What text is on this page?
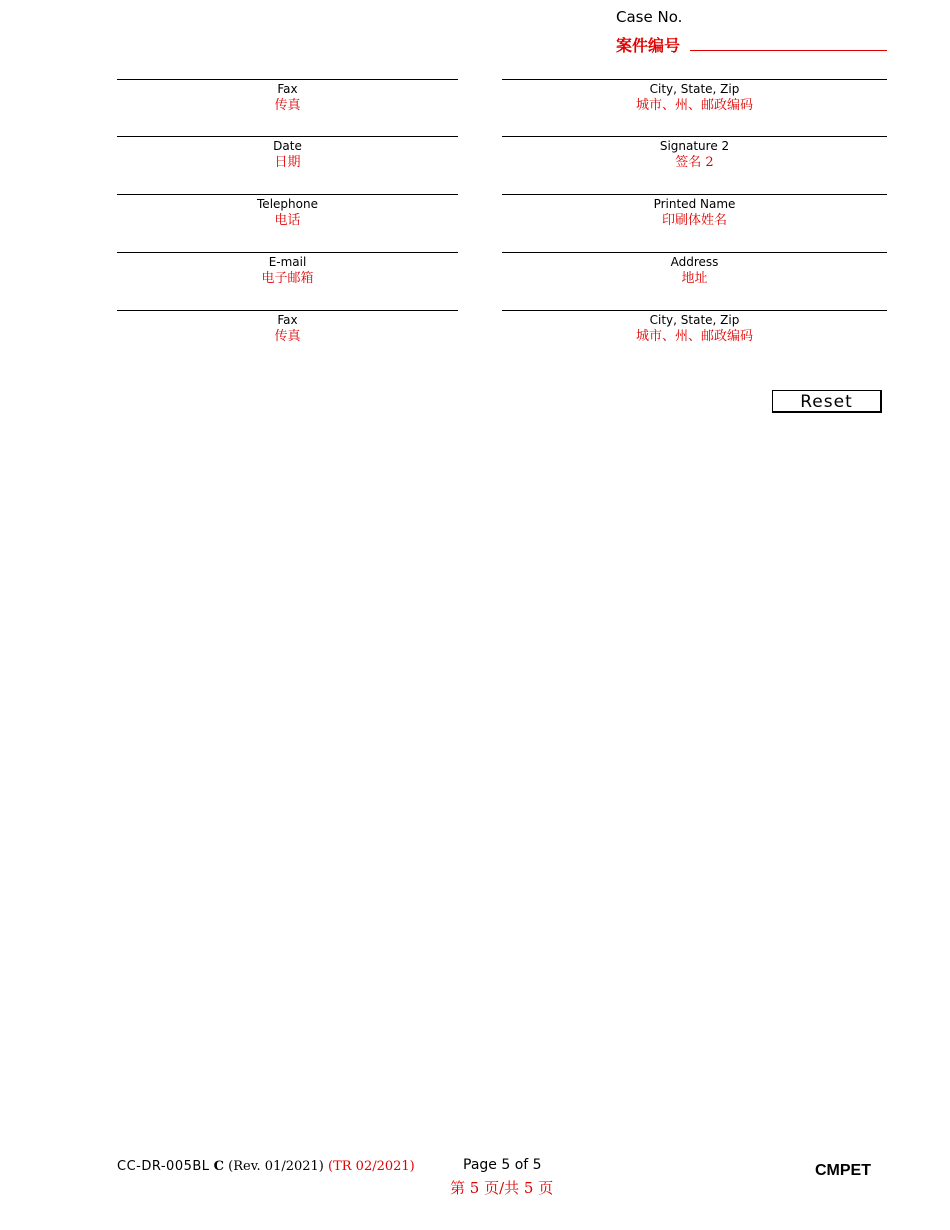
Case No.
案件编号
Fax
传真
Date
日期
Telephone
电话
E-mail
电子邮箱
Fax
传真
City, State, Zip
城市、州、邮政编码
Signature 2
签名 2
Printed Name
印刷体姓名
Address
地址
City, State, Zip
城市、州、邮政编码
Reset
CC-DR-005BL C (Rev. 01/2021) (TR 02/2021)	Page 5 of 5
第 5 页/共 5 页
CMPET
